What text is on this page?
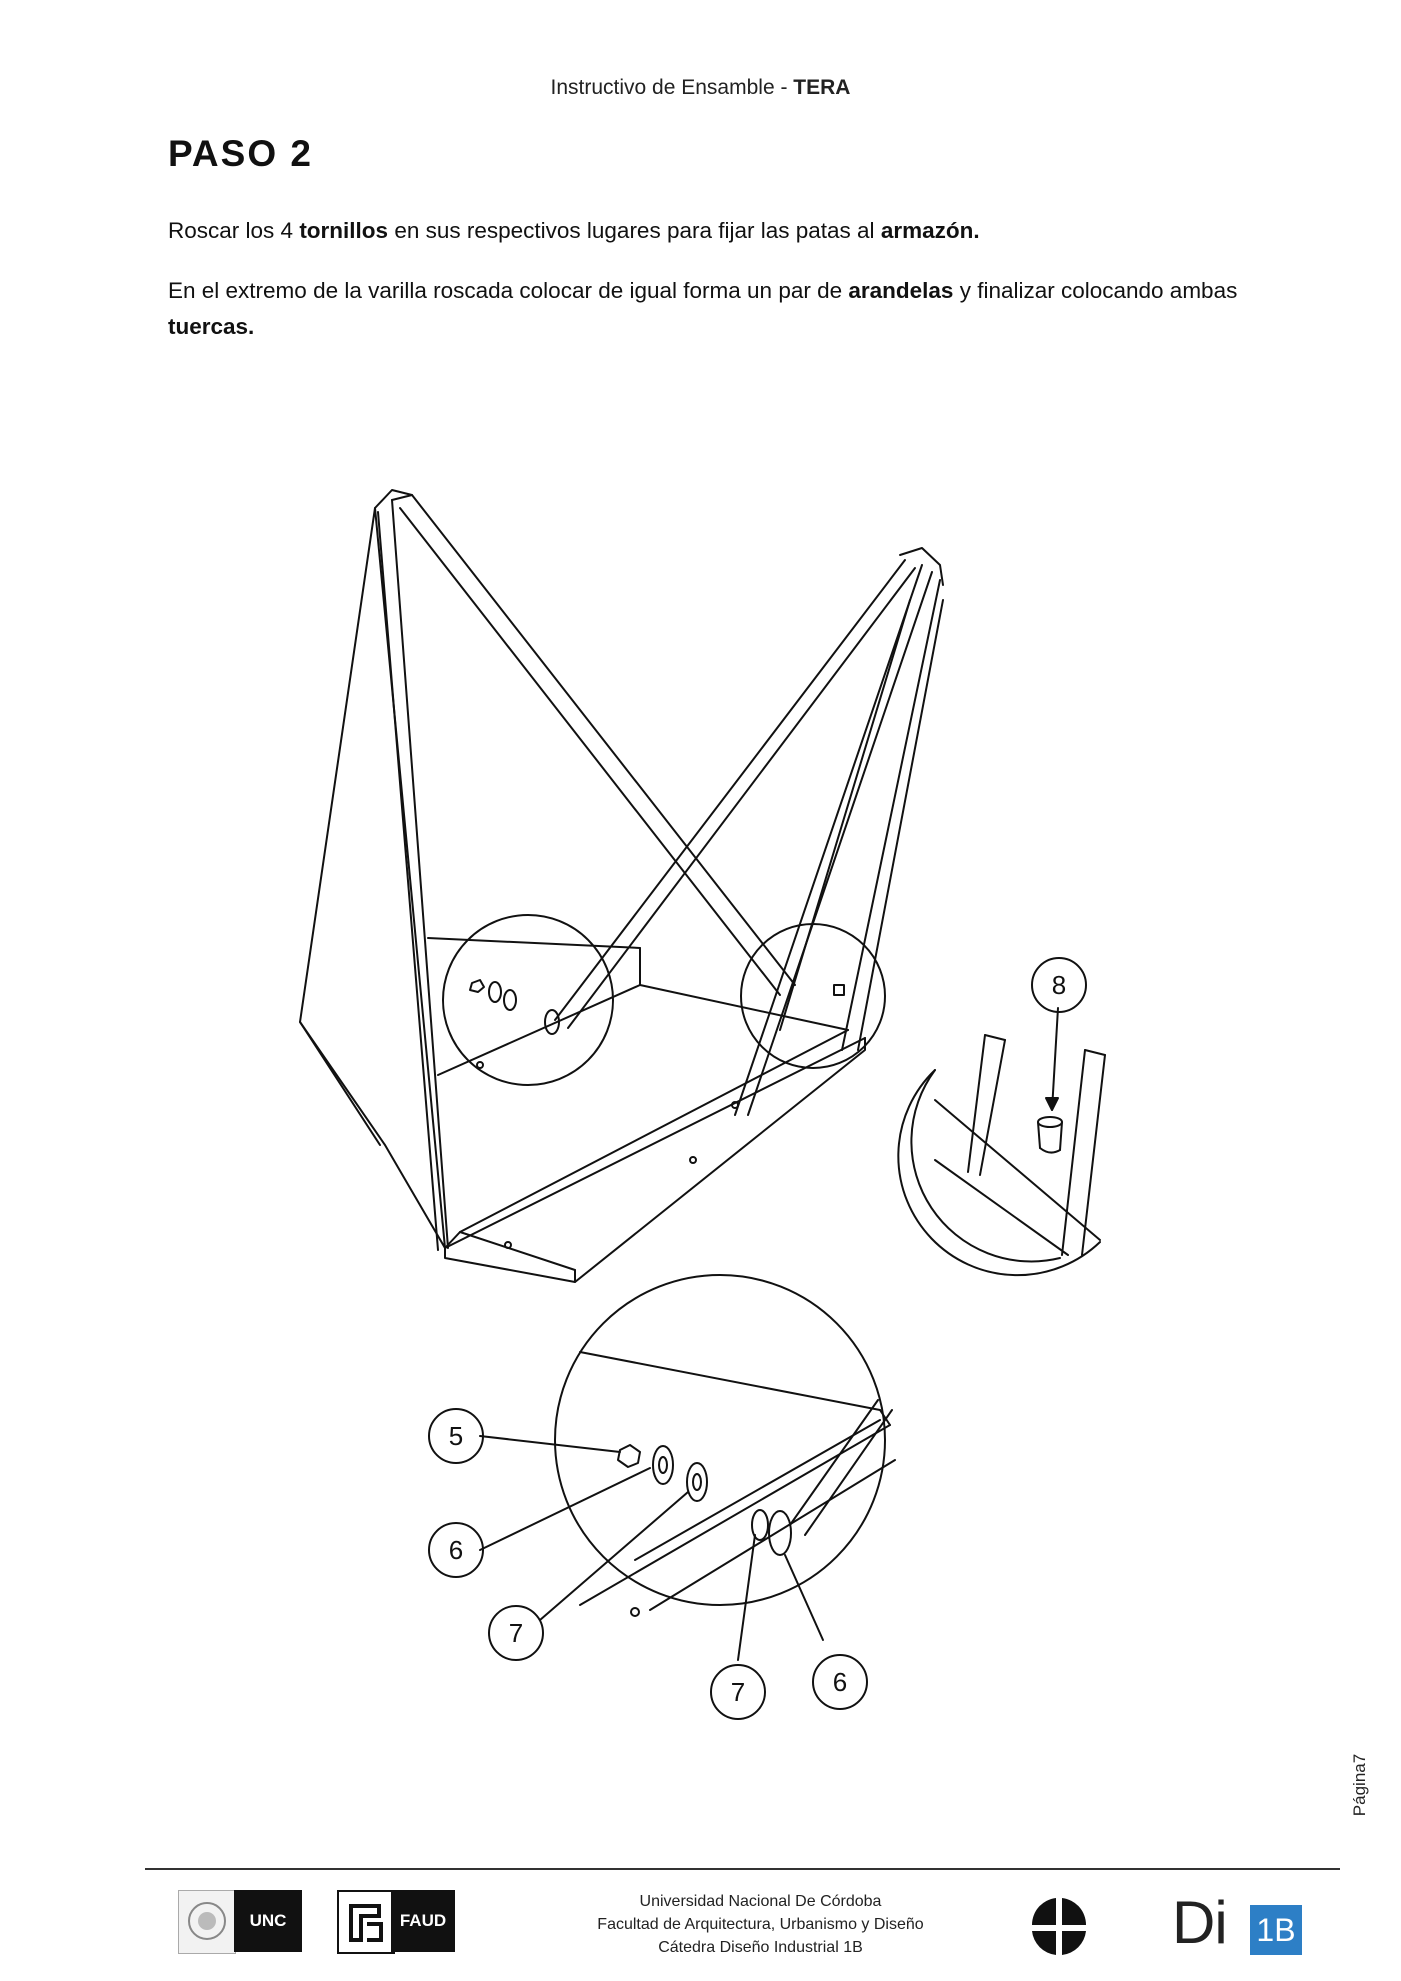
Instructivo de Ensamble - TERA
PASO 2
Roscar los 4 tornillos en sus respectivos lugares para fijar las patas al armazón.
En el extremo de la varilla roscada colocar de igual forma un par de arandelas y finalizar colocando ambas tuercas.
8
5
6
7
7	6
Página7
UNC	FAUD
Universidad Nacional De Córdoba
Facultad de Arquitectura, Urbanismo y Diseño
Cátedra Diseño Industrial 1B	Di 1B
